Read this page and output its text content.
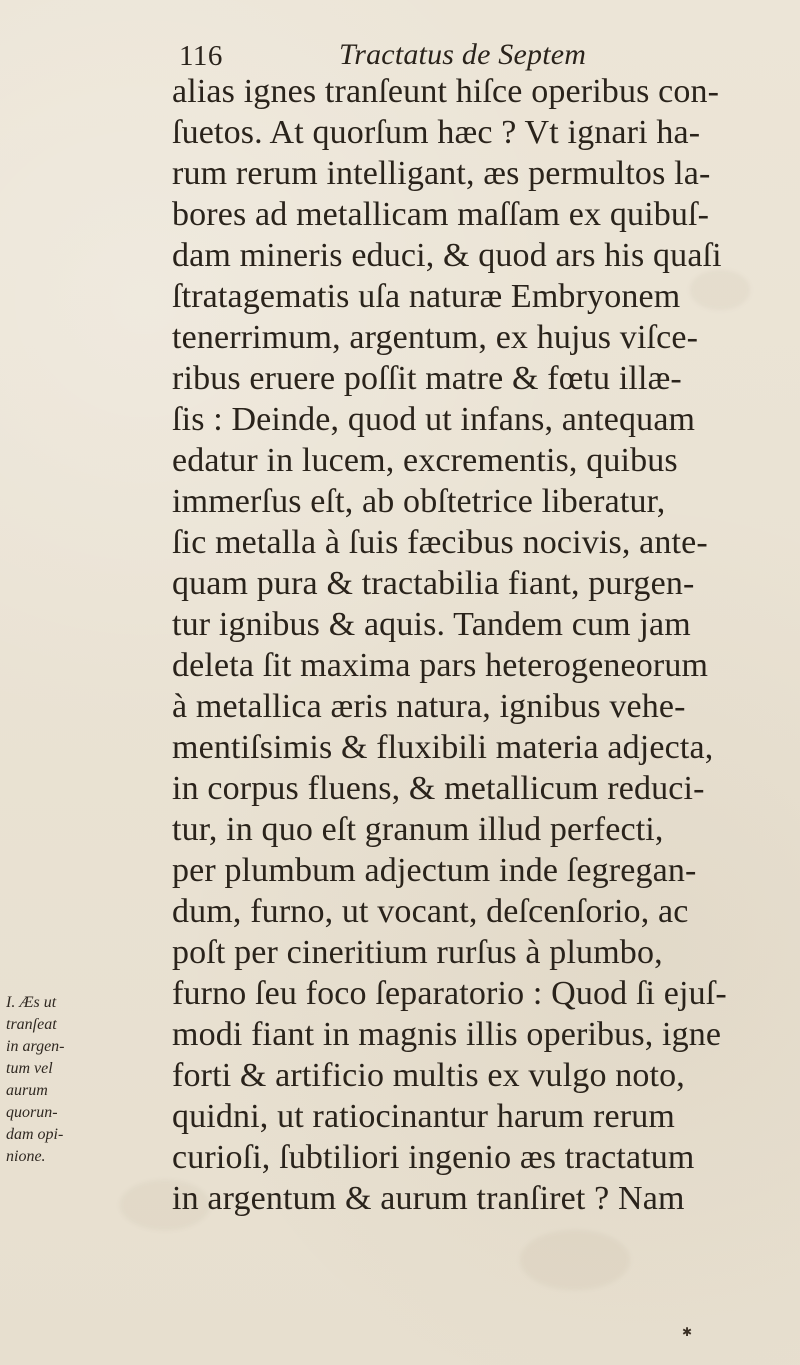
116	Tractatus de Septem
alias ignes tranſeunt hiſce operibus con-
ſuetos. At quorſum hæc ? Vt ignari ha-
rum rerum intelligant, æs permultos la-
bores ad metallicam maſſam ex quibuſ-
dam mineris educi, & quod ars his quaſi
ſtratagematis uſa naturæ Embryonem
tenerrimum, argentum, ex hujus viſce-
ribus eruere poſſit matre & fœtu illæ-
ſis : Deinde, quod ut infans, antequam
edatur in lucem, excrementis, quibus
immerſus eſt, ab obſtetrice liberatur,
ſic metalla à ſuis fæcibus nocivis, ante-
quam pura & tractabilia fiant, purgen-
tur ignibus & aquis. Tandem cum jam
deleta ſit maxima pars heterogeneorum
à metallica æris natura, ignibus vehe-
mentiſsimis & fluxibili materia adjecta,
in corpus fluens, & metallicum reduci-
tur, in quo eſt granum illud perfecti,
per plumbum adjectum inde ſegregan-
dum, furno, ut vocant, deſcenſorio, ac
poſt per cineritium rurſus à plumbo,
furno ſeu foco ſeparatorio : Quod ſi ejuſ-
modi fiant in magnis illis operibus, igne
forti & artificio multis ex vulgo noto,
quidni, ut ratiocinantur harum rerum
curioſi, ſubtiliori ingenio æs tractatum
in argentum & aurum tranſiret ? Nam
I. Æs ut
tranſeat
in argen-
tum vel
aurum
quorun-
dam opi-
nione.
✱
